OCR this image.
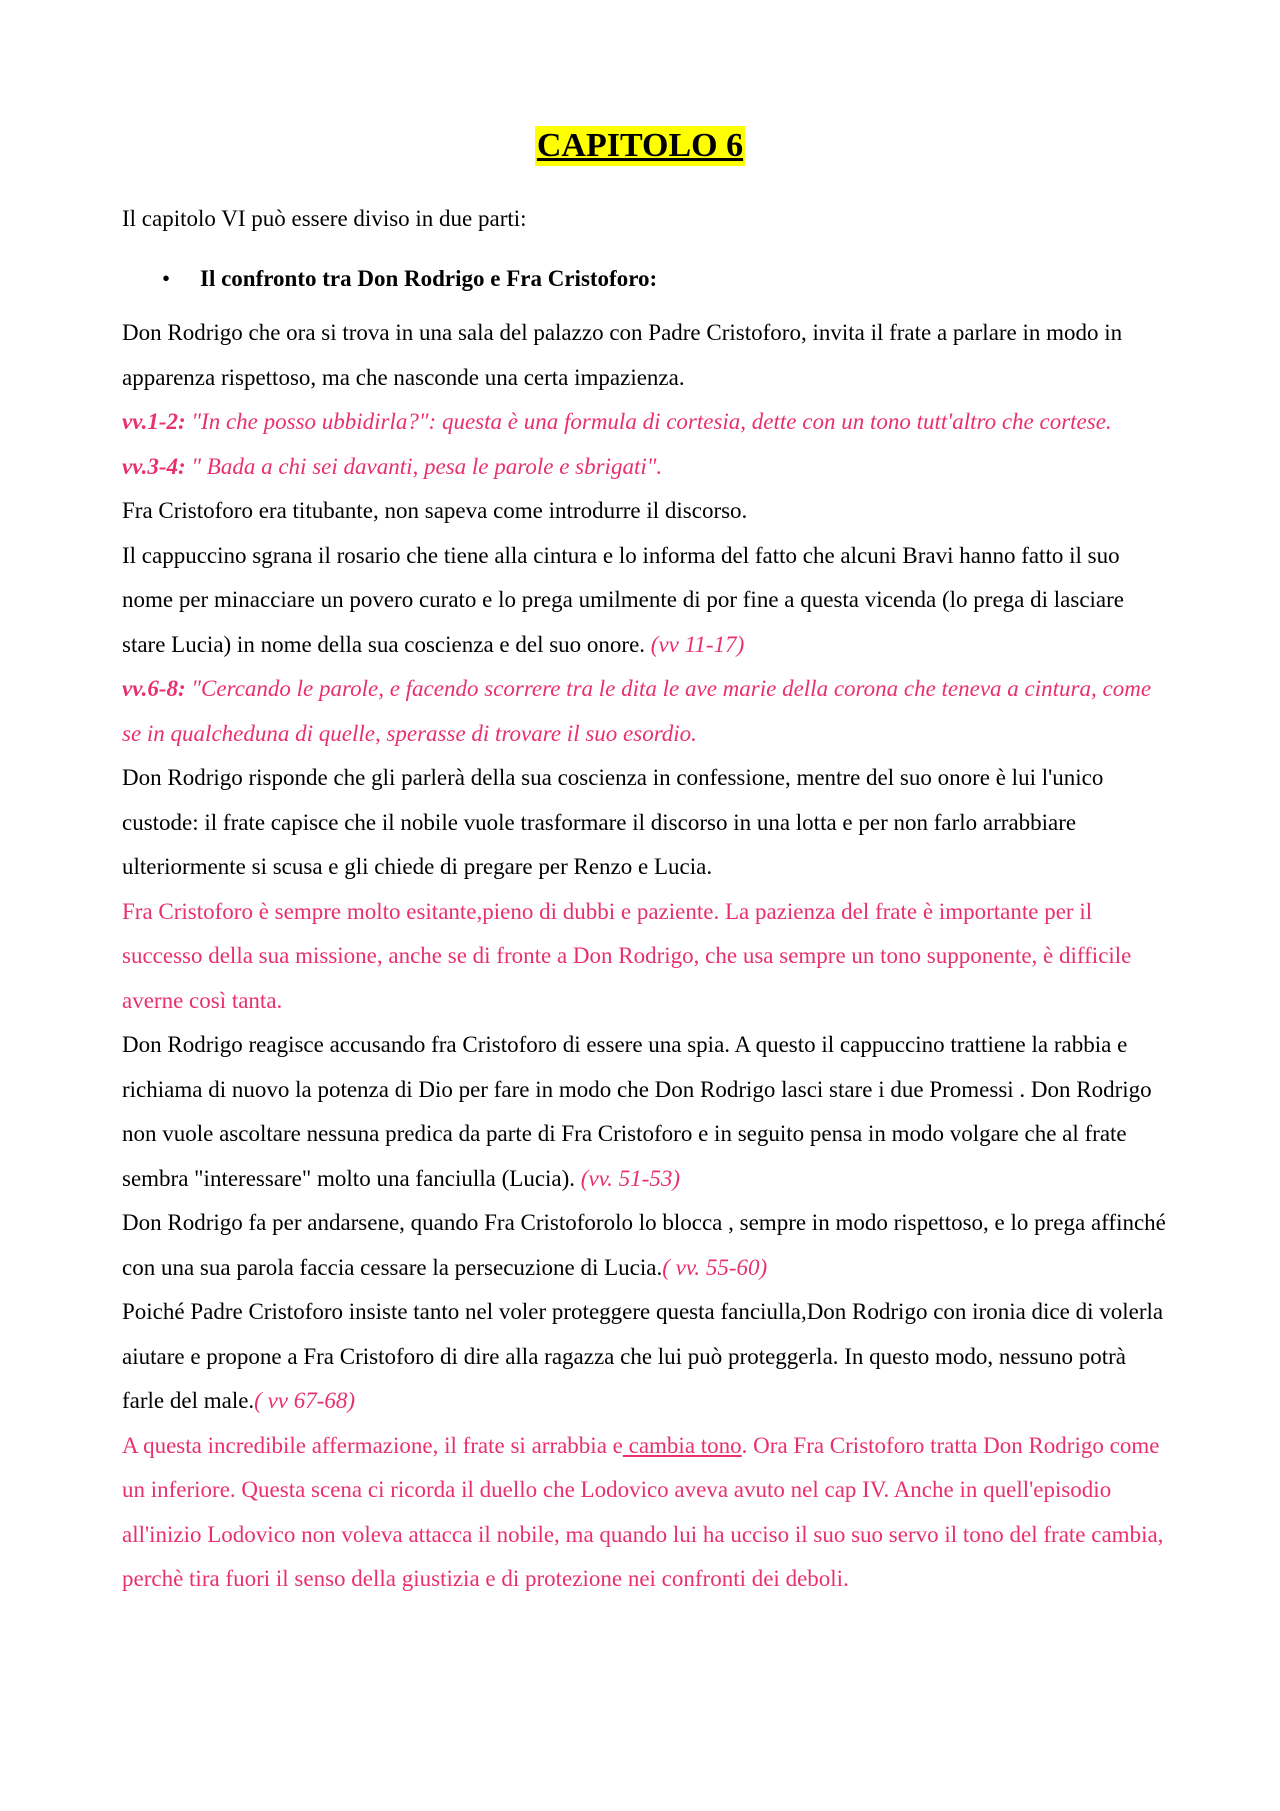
CAPITOLO 6
Il capitolo VI può essere diviso in due parti:
• Il confronto tra Don Rodrigo e Fra Cristoforo:

Don Rodrigo che ora si trova in una sala del palazzo con Padre Cristoforo, invita il frate a parlare in modo in apparenza rispettoso, ma che nasconde una certa impazienza.

vv.1-2: "In che posso ubbidirla?": questa è una formula di cortesia, dette con un tono tutt'altro che cortese.

vv.3-4: " Bada a chi sei davanti, pesa le parole e sbrigati".

Fra Cristoforo era titubante, non sapeva come introdurre il discorso.

Il cappuccino sgrana il rosario che tiene alla cintura e lo informa del fatto che alcuni Bravi hanno fatto il suo nome per minacciare un povero curato e lo prega umilmente di por fine a questa vicenda (lo prega di lasciare stare Lucia) in nome della sua coscienza e del suo onore. (vv 11-17)

vv.6-8: "Cercando le parole, e facendo scorrere tra le dita le ave marie della corona che teneva a cintura, come se in qualchedunа di quelle, sperasse di trovare il suo esordio.

Don Rodrigo risponde che gli parlerà della sua coscienza in confessione, mentre del suo onore è lui l'unico custode: il frate capisce che il nobile vuole trasformare il discorso in una lotta e per non farlo arrabbiare ulteriormente si scusa e gli chiede di pregare per Renzo e Lucia.

Fra Cristoforo è sempre molto esitante,pieno di dubbi e paziente. La pazienza del frate è importante per il successo della sua missione, anche se di fronte a Don Rodrigo, che usa sempre un tono supponente, è difficile averne così tanta.

Don Rodrigo reagisce accusando fra Cristoforo di essere una spia. A questo il cappuccino trattiene la rabbia e richiama di nuovo la potenza di Dio per fare in modo che Don Rodrigo lasci stare i due Promessi . Don Rodrigo non vuole ascoltare nessuna predica da parte di Fra Cristoforo e in seguito pensa in modo volgare che al frate sembra "interessare" molto una fanciulla (Lucia). (vv. 51-53)

Don Rodrigo fa per andarsene, quando Fra Cristoforolo lo blocca , sempre in modo rispettoso, e lo prega affinché con una sua parola faccia cessare la persecuzione di Lucia.( vv. 55-60)

Poiché Padre Cristoforo insiste tanto nel voler proteggere questa fanciulla,Don Rodrigo con ironia dice di volerla aiutare e propone a Fra Cristoforo di dire alla ragazza che lui può proteggerla. In questo modo, nessuno potrà farle del male.( vv 67-68)

A questa incredibile affermazione, il frate si arrabbia e cambia tono. Ora Fra Cristoforo tratta Don Rodrigo come un inferiore. Questa scena ci ricorda il duello che Lodovico aveva avuto nel cap IV. Anche in quell'episodio all'inizio Lodovico non voleva attacca il nobile, ma quando lui ha ucciso il suo suo servo il tono del frate cambia, perchè tira fuori il senso della giustizia e di protezione nei confronti dei deboli.
